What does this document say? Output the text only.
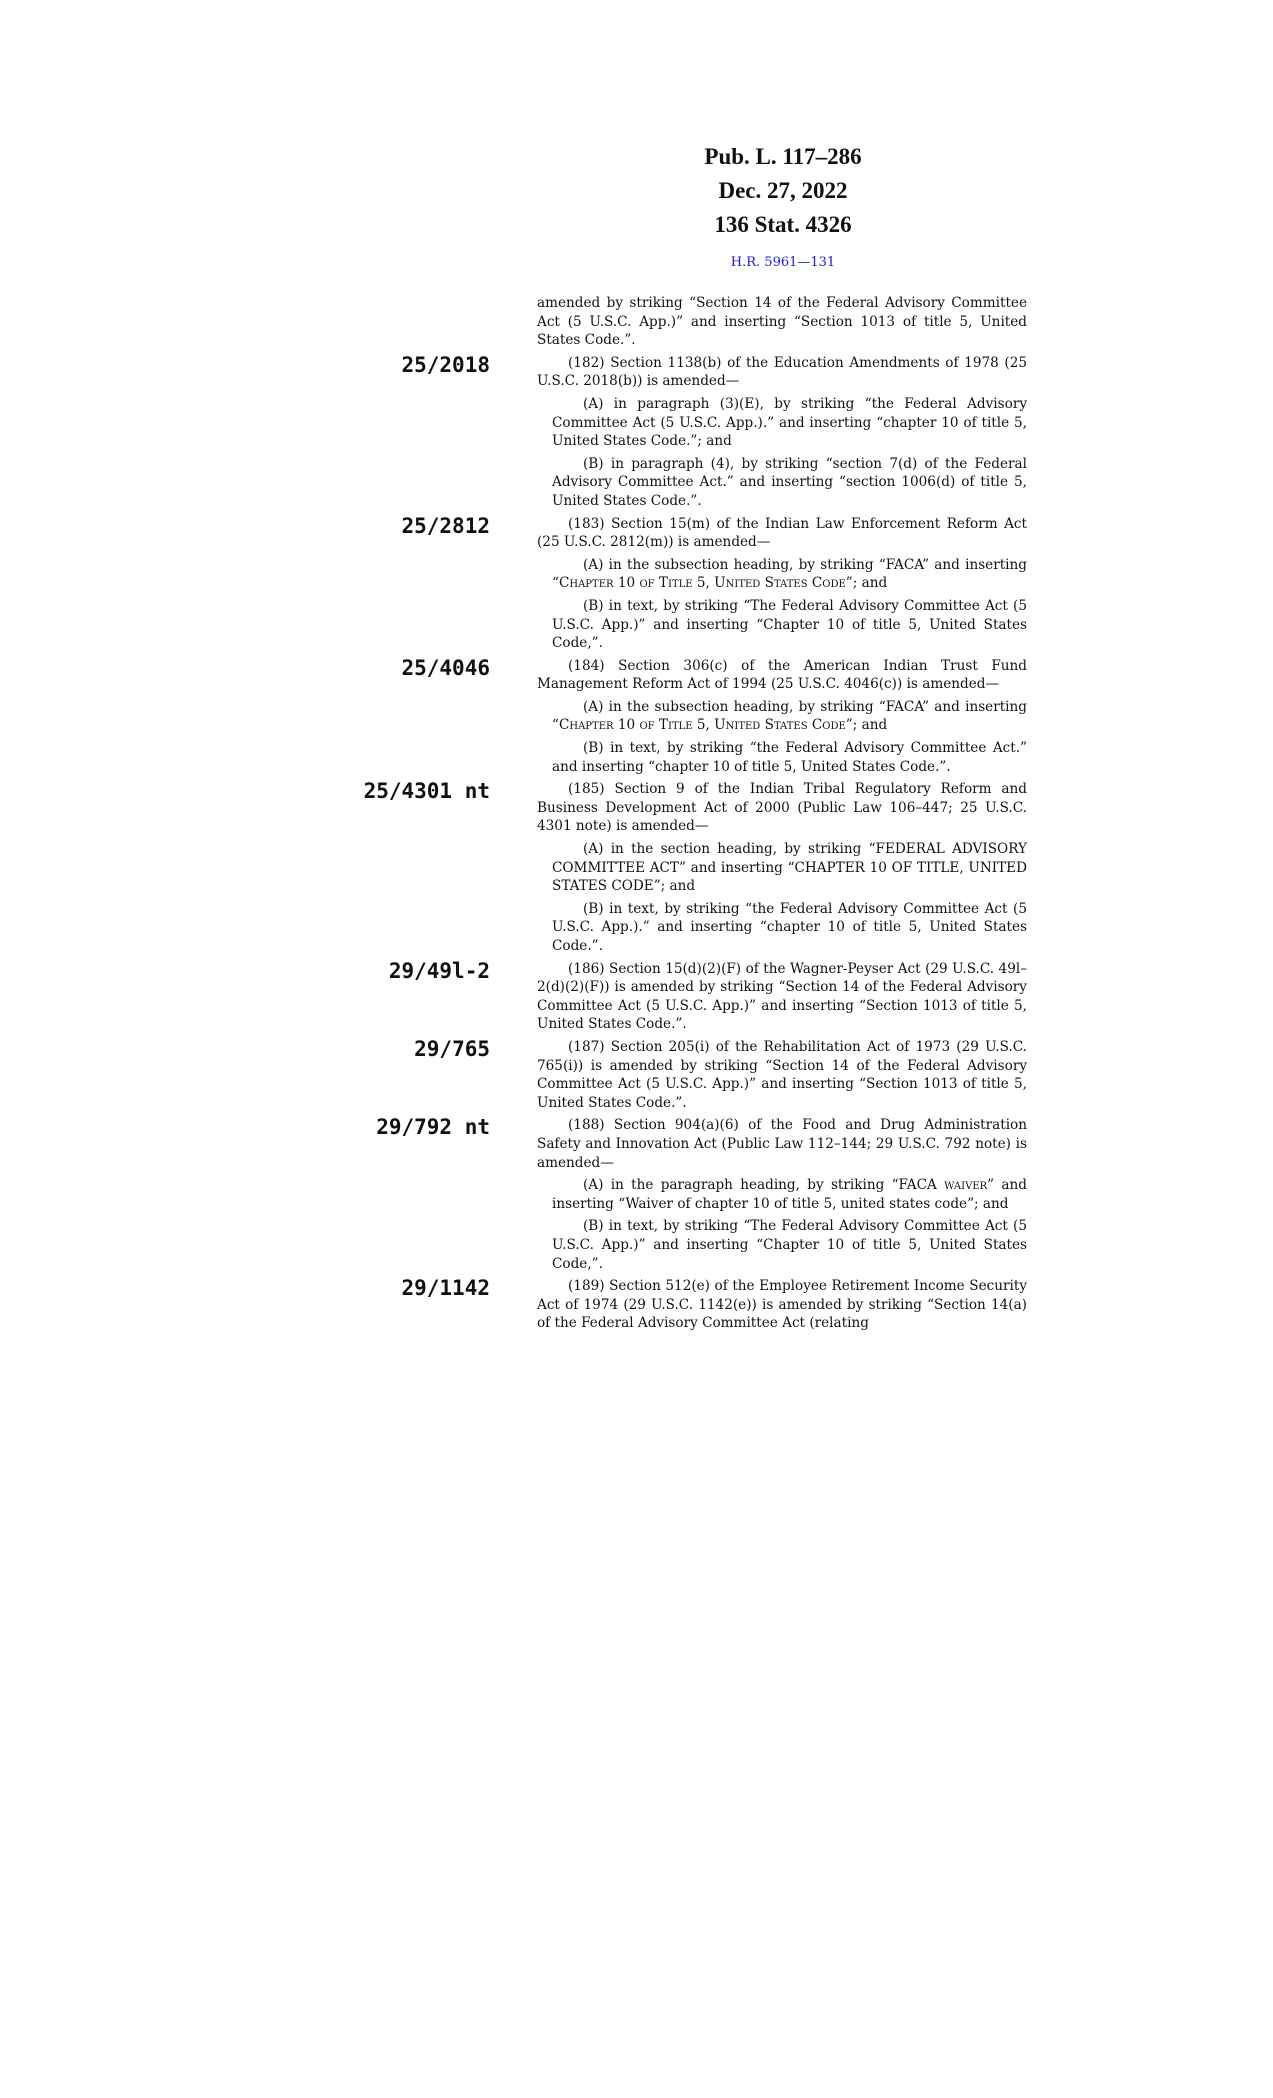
Pub. L. 117–286
Dec. 27, 2022
136 Stat. 4326
H.R. 5961—131
amended by striking “Section 14 of the Federal Advisory Committee Act (5 U.S.C. App.)” and inserting “Section 1013 of title 5, United States Code.”.
25/2018	(182) Section 1138(b) of the Education Amendments of 1978 (25 U.S.C. 2018(b)) is amended—
(A) in paragraph (3)(E), by striking “the Federal Advisory Committee Act (5 U.S.C. App.).” and inserting “chapter 10 of title 5, United States Code.”; and
(B) in paragraph (4), by striking “section 7(d) of the Federal Advisory Committee Act.” and inserting “section 1006(d) of title 5, United States Code.”.
25/2812	(183) Section 15(m) of the Indian Law Enforcement Reform Act (25 U.S.C. 2812(m)) is amended—
(A) in the subsection heading, by striking “FACA” and inserting “Chapter 10 of Title 5, United States Code”; and
(B) in text, by striking “The Federal Advisory Committee Act (5 U.S.C. App.)” and inserting “Chapter 10 of title 5, United States Code,”.
25/4046	(184) Section 306(c) of the American Indian Trust Fund Management Reform Act of 1994 (25 U.S.C. 4046(c)) is amended—
(A) in the subsection heading, by striking “FACA” and inserting “Chapter 10 of Title 5, United States Code”; and
(B) in text, by striking “the Federal Advisory Committee Act.” and inserting “chapter 10 of title 5, United States Code.”.
25/4301 nt	(185) Section 9 of the Indian Tribal Regulatory Reform and Business Development Act of 2000 (Public Law 106–447; 25 U.S.C. 4301 note) is amended—
(A) in the section heading, by striking “FEDERAL ADVISORY COMMITTEE ACT” and inserting “CHAPTER 10 OF TITLE, UNITED STATES CODE”; and
(B) in text, by striking “the Federal Advisory Committee Act (5 U.S.C. App.).” and inserting “chapter 10 of title 5, United States Code.”.
29/49l-2	(186) Section 15(d)(2)(F) of the Wagner-Peyser Act (29 U.S.C. 49l–2(d)(2)(F)) is amended by striking “Section 14 of the Federal Advisory Committee Act (5 U.S.C. App.)” and inserting “Section 1013 of title 5, United States Code.”.
29/765	(187) Section 205(i) of the Rehabilitation Act of 1973 (29 U.S.C. 765(i)) is amended by striking “Section 14 of the Federal Advisory Committee Act (5 U.S.C. App.)” and inserting “Section 1013 of title 5, United States Code.”.
29/792 nt	(188) Section 904(a)(6) of the Food and Drug Administration Safety and Innovation Act (Public Law 112–144; 29 U.S.C. 792 note) is amended—
(A) in the paragraph heading, by striking “FACA waiver” and inserting “Waiver of chapter 10 of title 5, united states code”; and
(B) in text, by striking “The Federal Advisory Committee Act (5 U.S.C. App.)” and inserting “Chapter 10 of title 5, United States Code,”.
29/1142	(189) Section 512(e) of the Employee Retirement Income Security Act of 1974 (29 U.S.C. 1142(e)) is amended by striking “Section 14(a) of the Federal Advisory Committee Act (relating
